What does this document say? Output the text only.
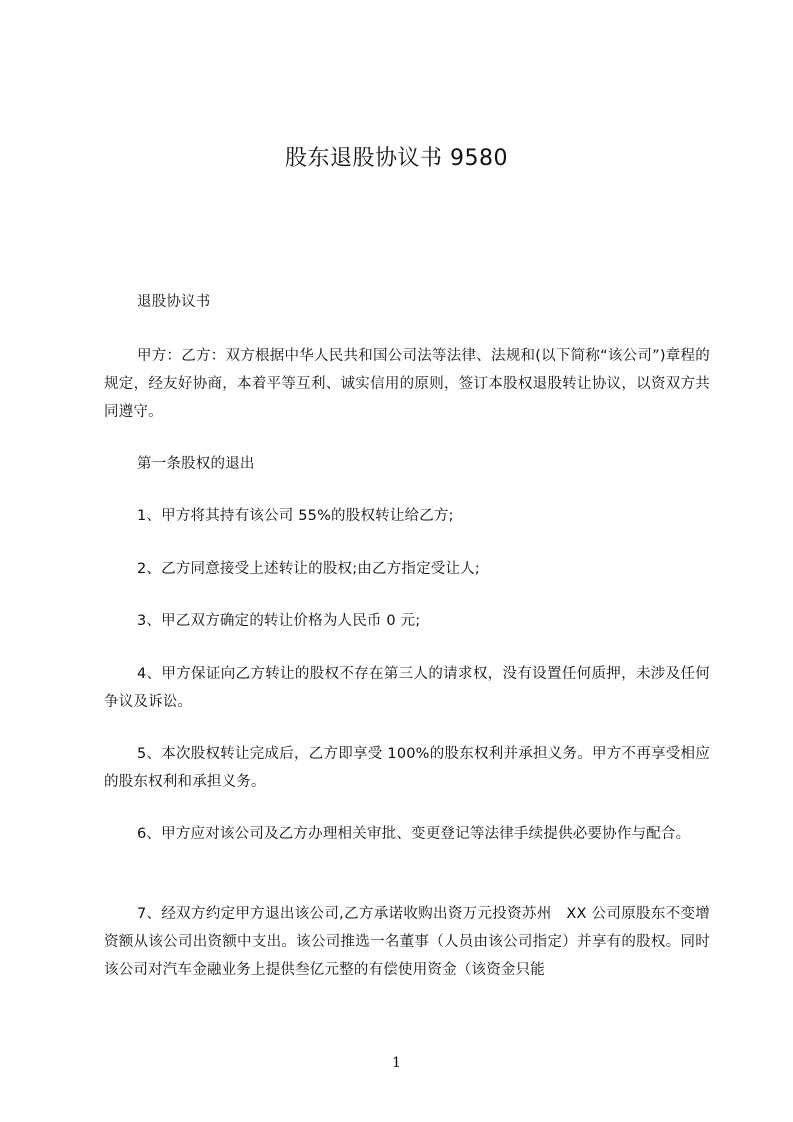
股东退股协议书 9580
退股协议书
甲方：乙方：双方根据中华人民共和国公司法等法律、法规和(以下简称“该公司”)章程的规定，经友好协商，本着平等互利、诚实信用的原则，签订本股权退股转让协议，以资双方共同遵守。
第一条股权的退出
1、甲方将其持有该公司 55%的股权转让给乙方;
2、乙方同意接受上述转让的股权;由乙方指定受让人;
3、甲乙双方确定的转让价格为人民币 0 元;
4、甲方保证向乙方转让的股权不存在第三人的请求权，没有设置任何质押，未涉及任何争议及诉讼。
5、本次股权转让完成后，乙方即享受 100%的股东权利并承担义务。甲方不再享受相应的股东权利和承担义务。
6、甲方应对该公司及乙方办理相关审批、变更登记等法律手续提供必要协作与配合。
7、经双方约定甲方退出该公司,乙方承诺收购出资万元投资苏州　XX 公司原股东不变增资额从该公司出资额中支出。该公司推选一名董事（人员由该公司指定）并享有的股权。同时该公司对汽车金融业务上提供叁亿元整的有偿使用资金（该资金只能
1
